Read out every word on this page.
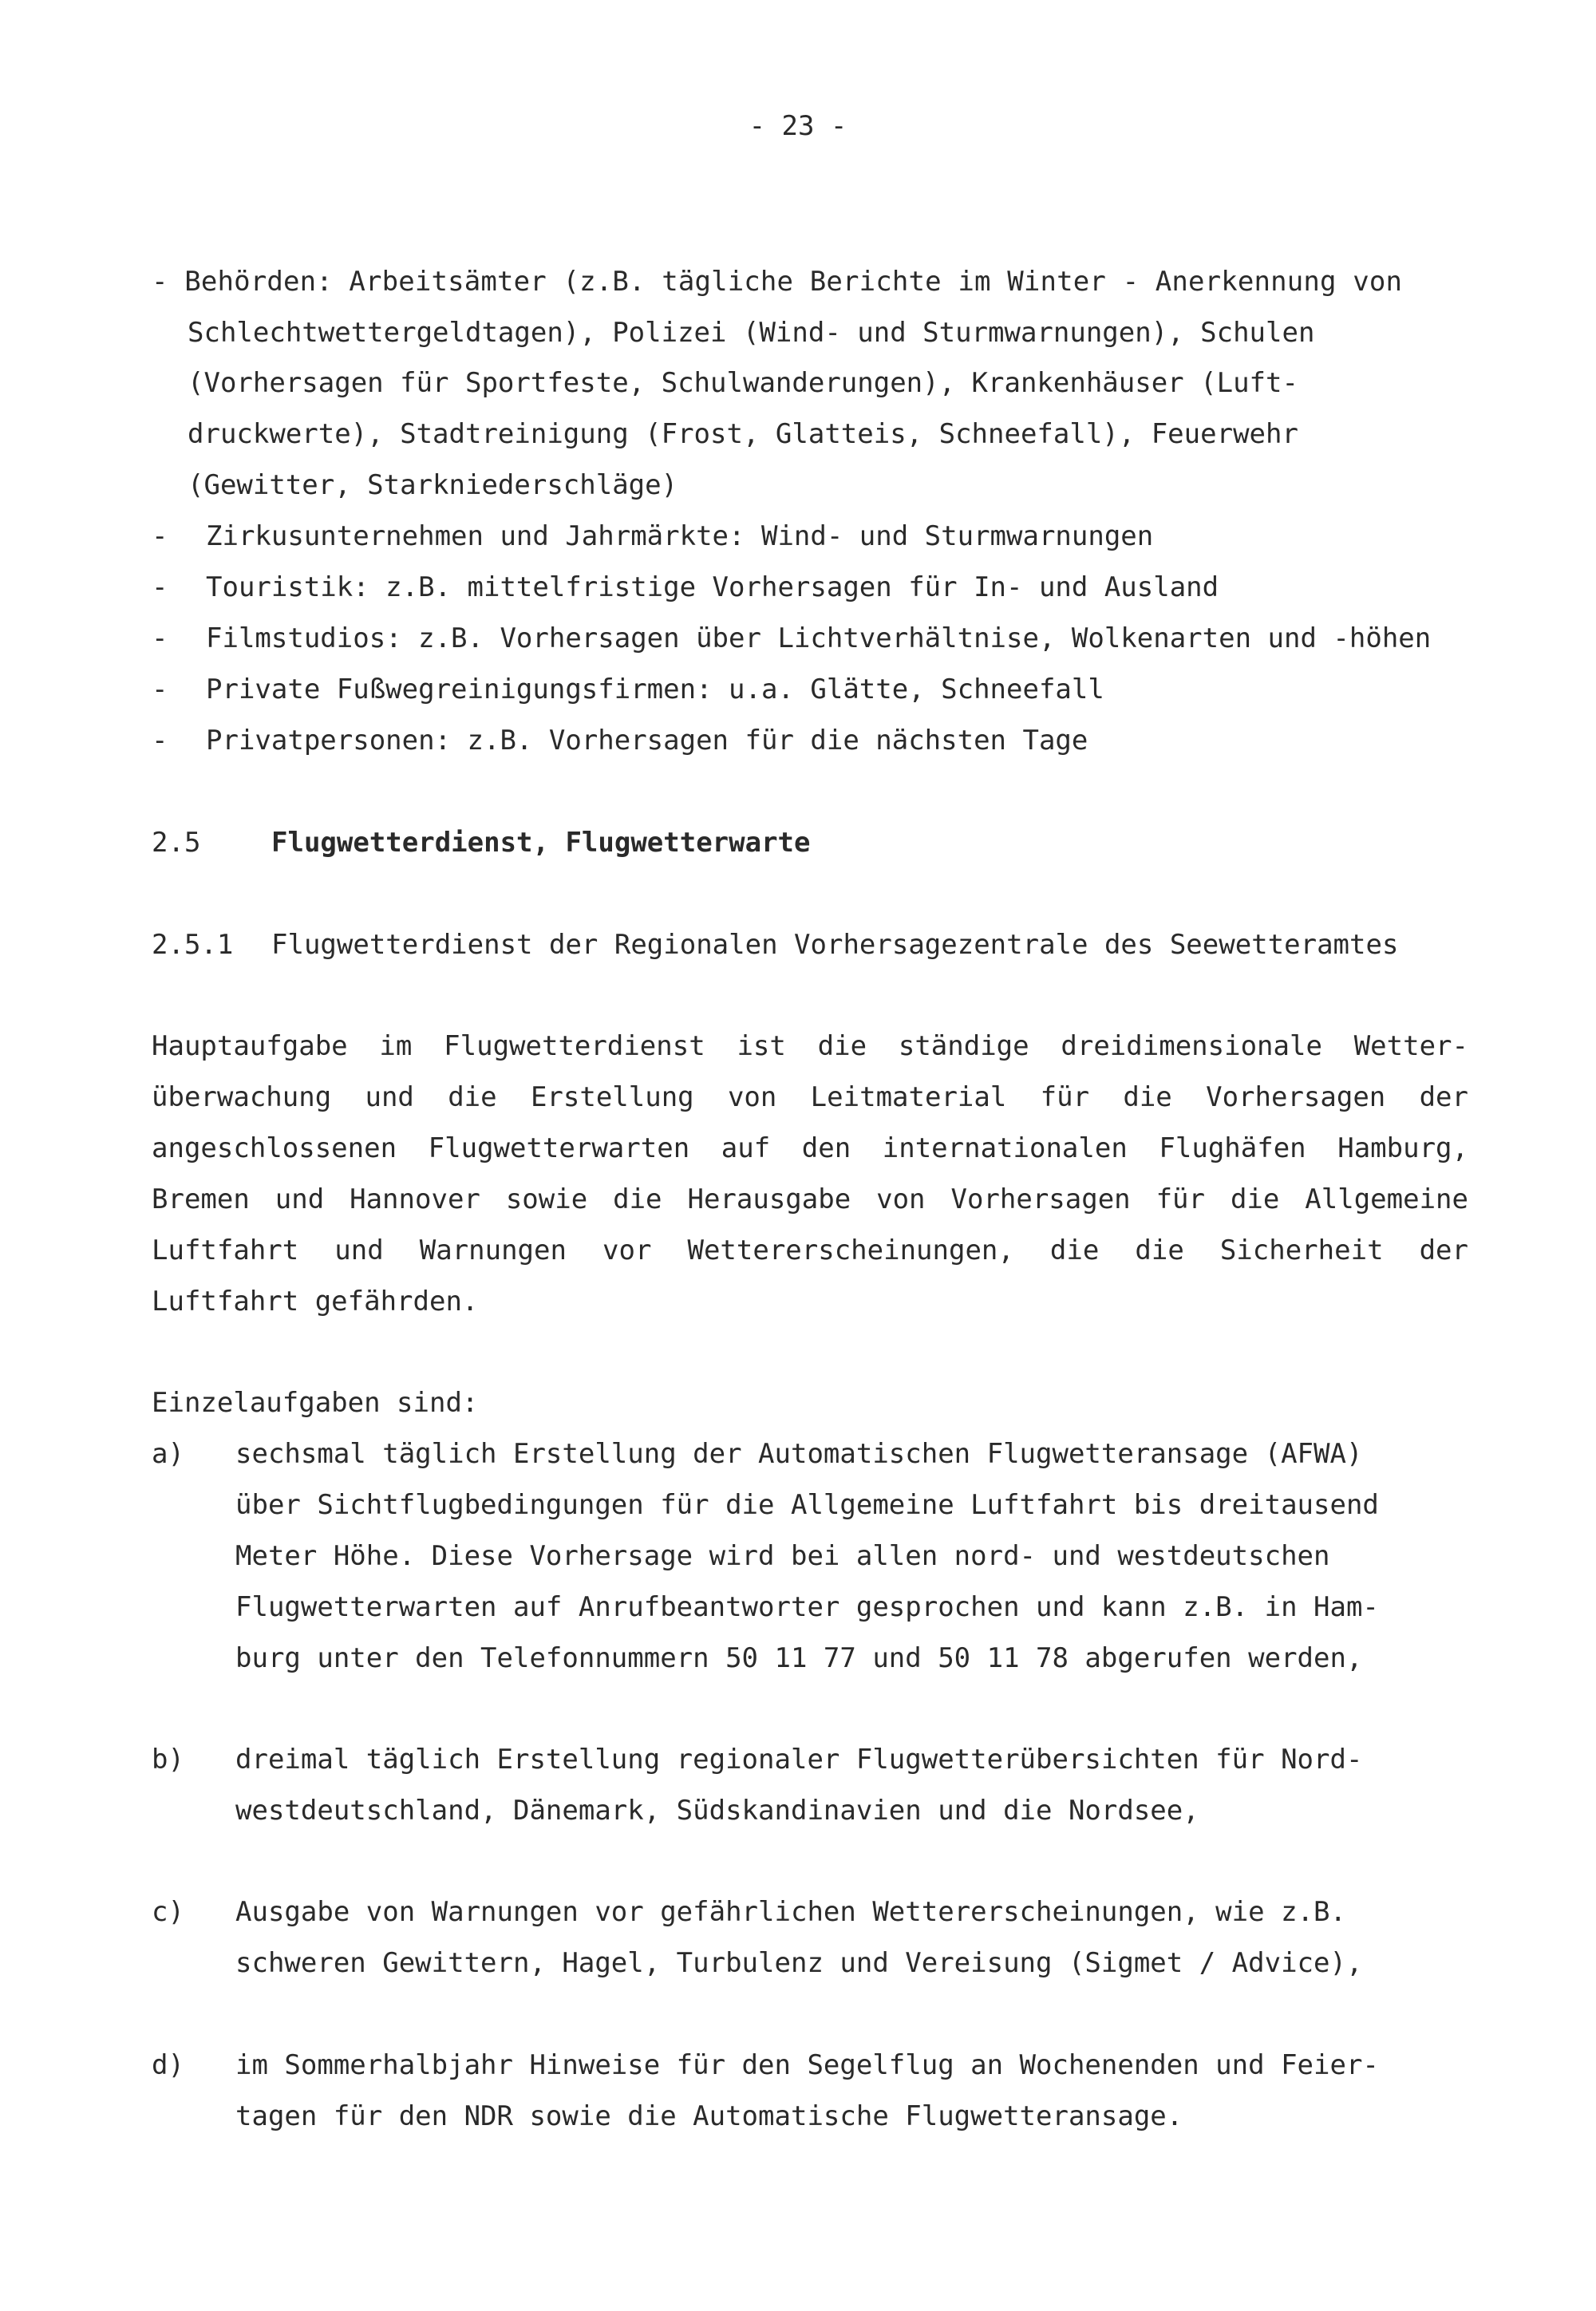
- 23 -
- Behörden: Arbeitsämter (z.B. tägliche Berichte im Winter - Anerkennung von
Schlechtwettergeldtagen), Polizei (Wind- und Sturmwarnungen), Schulen
(Vorhersagen für Sportfeste, Schulwanderungen), Krankenhäuser (Luft-
druckwerte), Stadtreinigung (Frost, Glatteis, Schneefall), Feuerwehr
(Gewitter, Starkniederschläge)
- Zirkusunternehmen und Jahrmärkte: Wind- und Sturmwarnungen
- Touristik: z.B. mittelfristige Vorhersagen für In- und Ausland
- Filmstudios: z.B. Vorhersagen über Lichtverhältnise, Wolkenarten und -höhen
- Private Fußwegreinigungsfirmen: u.a. Glätte, Schneefall
- Privatpersonen: z.B. Vorhersagen für die nächsten Tage
2.5	Flugwetterdienst, Flugwetterwarte
2.5.1 Flugwetterdienst der Regionalen Vorhersagezentrale des Seewetteramtes
Hauptaufgabe im Flugwetterdienst ist die ständige dreidimensionale Wetter-
überwachung und die Erstellung von Leitmaterial für die Vorhersagen der
angeschlossenen Flugwetterwarten auf den internationalen Flughäfen Hamburg,
Bremen und Hannover sowie die Herausgabe von Vorhersagen für die Allgemeine
Luftfahrt und Warnungen vor Wettererscheinungen, die die Sicherheit der
Luftfahrt gefährden.
Einzelaufgaben sind:
a) sechsmal täglich Erstellung der Automatischen Flugwetteransage (AFWA)
über Sichtflugbedingungen für die Allgemeine Luftfahrt bis dreitausend
Meter Höhe. Diese Vorhersage wird bei allen nord- und westdeutschen
Flugwetterwarten auf Anrufbeantworter gesprochen und kann z.B. in Ham-
burg unter den Telefonnummern 50 11 77 und 50 11 78 abgerufen werden,
b) dreimal täglich Erstellung regionaler Flugwetterübersichten für Nord-
westdeutschland, Dänemark, Südskandinavien und die Nordsee,
c) Ausgabe von Warnungen vor gefährlichen Wettererscheinungen, wie z.B.
schweren Gewittern, Hagel, Turbulenz und Vereisung (Sigmet / Advice),
d) im Sommerhalbjahr Hinweise für den Segelflug an Wochenenden und Feier-
tagen für den NDR sowie die Automatische Flugwetteransage.
